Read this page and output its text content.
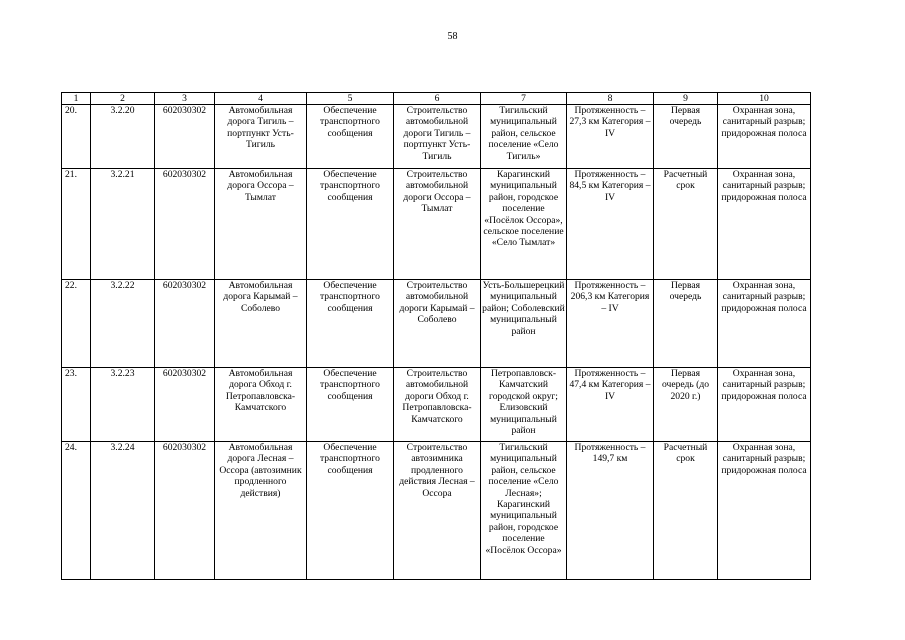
58
1	2	3	4	5	6	7	8	9	10
20.	3.2.20	602030302	Автомобильная дорога Тигиль – портпункт Усть-Тигиль	Обеспечение транспортного сообщения	Строительство автомобильной дороги Тигиль – портпункт Усть-Тигиль	Тигильский муниципальный район, сельское поселение «Село Тигиль»	Протяженность – 27,3 км Категория – IV	Первая очередь	Охранная зона, санитарный разрыв; придорожная полоса
21.	3.2.21	602030302	Автомобильная дорога Оссора – Тымлат	Обеспечение транспортного сообщения	Строительство автомобильной дороги Оссора – Тымлат	Карагинский муниципальный район, городское поселение «Посёлок Оссора», сельское поселение «Село Тымлат»	Протяженность – 84,5 км Категория – IV	Расчетный срок	Охранная зона, санитарный разрыв; придорожная полоса
22.	3.2.22	602030302	Автомобильная дорога Карымай – Соболево	Обеспечение транспортного сообщения	Строительство автомобильной дороги Карымай – Соболево	Усть-Большерецкий муниципальный район; Соболевский муниципальный район	Протяженность – 206,3 км Категория – IV	Первая очередь	Охранная зона, санитарный разрыв; придорожная полоса
23.	3.2.23	602030302	Автомобильная дорога Обход г. Петропавловска-Камчатского	Обеспечение транспортного сообщения	Строительство автомобильной дороги Обход г. Петропавловска-Камчатского	Петропавловск-Камчатский городской округ; Елизовский муниципальный район	Протяженность – 47,4 км Категория – IV	Первая очередь (до 2020 г.)	Охранная зона, санитарный разрыв; придорожная полоса
24.	3.2.24	602030302	Автомобильная дорога Лесная – Оссора (автозимник продленного действия)	Обеспечение транспортного сообщения	Строительство автозимника продленного действия Лесная – Оссора	Тигильский муниципальный район, сельское поселение «Село Лесная»; Карагинский муниципальный район, городское поселение «Посёлок Оссора»	Протяженность – 149,7 км	Расчетный срок	Охранная зона, санитарный разрыв; придорожная полоса
